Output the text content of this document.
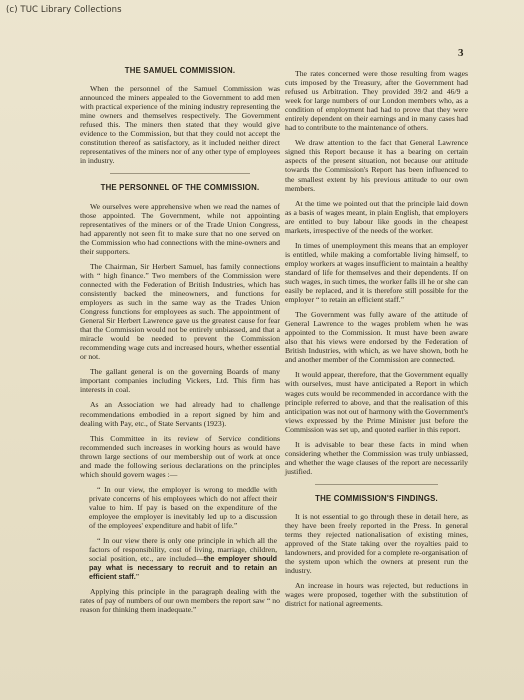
(c) TUC Library Collections
3
THE SAMUEL COMMISSION.

When the personnel of the Samuel Commission was announced the miners appealed to the Government to add men with practical experience of the mining industry representing the mine owners and themselves respectively. The Government refused this. The miners then stated that they would give evidence to the Commission, but that they could not accept the constitution thereof as satisfactory, as it included neither direct representatives of the miners nor of any other type of employees in industry.

THE PERSONNEL OF THE COMMISSION.

We ourselves were apprehensive when we read the names of those appointed. The Government, while not appointing representatives of the miners or of the Trade Union Congress, had apparently not seen fit to make sure that no one served on the Commission who had connections with the mine-owners and their supporters.

The Chairman, Sir Herbert Samuel, has family connections with “ high finance.” Two members of the Commission were connected with the Federation of British Industries, which has consistently backed the mineowners, and functions for employers as such in the same way as the Trades Union Congress functions for employees as such. The appointment of General Sir Herbert Lawrence gave us the greatest cause for fear that the Commission would not be entirely unbiassed, and that a miracle would be needed to prevent the Commission recommending wage cuts and increased hours, whether essential or not.

The gallant general is on the governing Boards of many important companies including Vickers, Ltd. This firm has interests in coal.

As an Association we had already had to challenge recommendations embodied in a report signed by him and dealing with Pay, etc., of State Servants (1923).

This Committee in its review of Service conditions recommended such increases in working hours as would have thrown large sections of our membership out of work at once and made the following serious declarations on the principles which should govern wages :—

“ In our view, the employer is wrong to meddle with private concerns of his employees which do not affect their value to him. If pay is based on the expenditure of the employee the employer is inevitably led up to a discussion of the employees' expenditure and habit of life.”

“ In our view there is only one principle in which all the factors of responsibility, cost of living, marriage, children, social position, etc., are included—the employer should pay what is necessary to recruit and to retain an efficient staff.”

Applying this principle in the paragraph dealing with the rates of pay of numbers of our own members the report saw “ no reason for thinking them inadequate.”

The rates concerned were those resulting from wages cuts imposed by the Treasury, after the Government had refused us Arbitration. They provided 39/2 and 46/9 a week for large numbers of our London members who, as a condition of employment had had to prove that they were entirely dependent on their earnings and in many cases had had to contribute to the maintenance of others.

We draw attention to the fact that General Lawrence signed this Report because it has a bearing on certain aspects of the present situation, not because our attitude towards the Commission's Report has been influenced to the smallest extent by his previous attitude to our own members.

At the time we pointed out that the principle laid down as a basis of wages meant, in plain English, that employers are entitled to buy labour like goods in the cheapest markets, irrespective of the needs of the worker.

In times of unemployment this means that an employer is entitled, while making a comfortable living himself, to employ workers at wages insufficient to maintain a healthy standard of life for themselves and their dependents. If on such wages, in such times, the worker falls ill he or she can easily be replaced, and it is therefore still possible for the employer “ to retain an efficient staff.”

The Government was fully aware of the attitude of General Lawrence to the wages problem when he was appointed to the Commission. It must have been aware also that his views were endorsed by the Federation of British Industries, with which, as we have shown, both he and another member of the Commission are connected.

It would appear, therefore, that the Government equally with ourselves, must have anticipated a Report in which wages cuts would be recommended in accordance with the principle referred to above, and that the realisation of this anticipation was not out of harmony with the Government's views expressed by the Prime Minister just before the Commission was set up, and quoted earlier in this report.

It is advisable to bear these facts in mind when considering whether the Commission was truly unbiassed, and whether the wage clauses of the report are necessarily justified.

THE COMMISSION'S FINDINGS.

It is not essential to go through these in detail here, as they have been freely reported in the Press. In general terms they rejected nationalisation of existing mines, approved of the State taking over the royalties paid to landowners, and provided for a complete re-organisation of the system upon which the owners at present run the industry.

An increase in hours was rejected, but reductions in wages were proposed, together with the substitution of district for national agreements.
